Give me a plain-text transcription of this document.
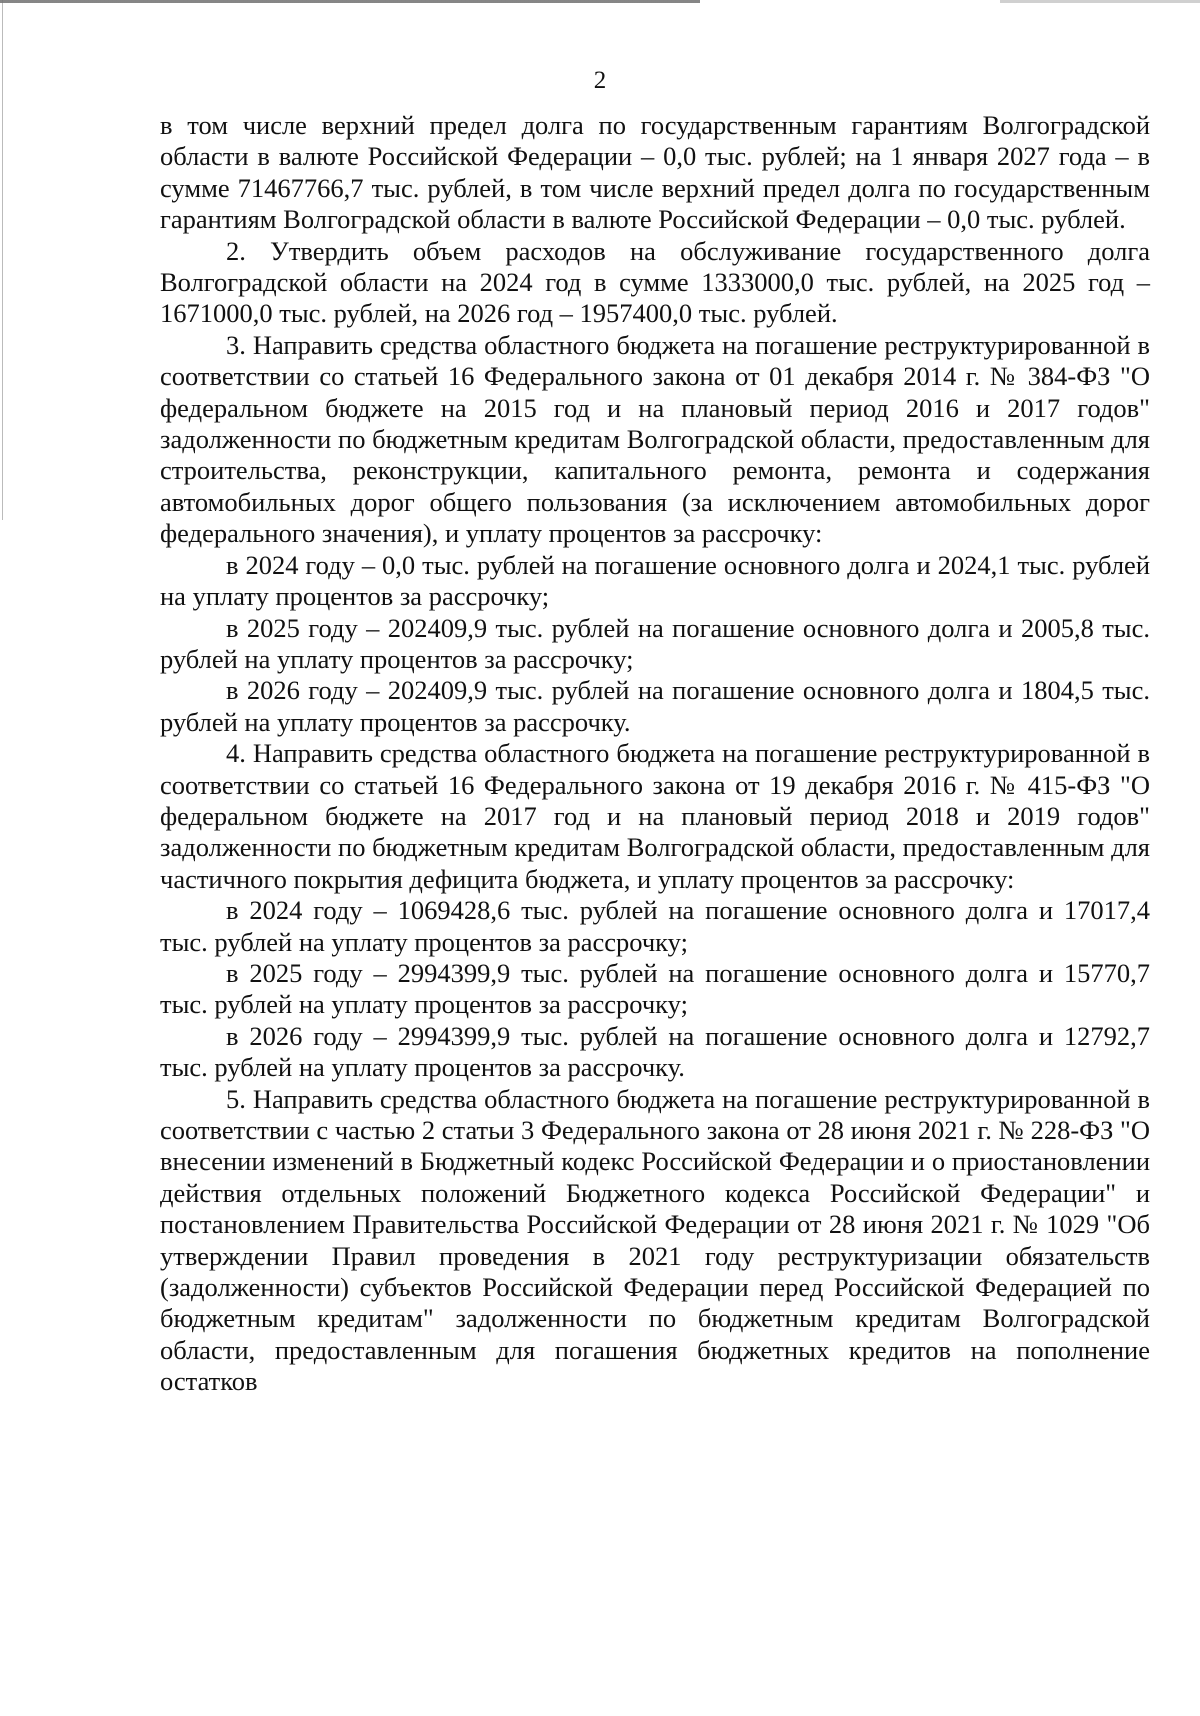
2

в том числе верхний предел долга по государственным гарантиям Волгоградской области в валюте Российской Федерации – 0,0 тыс. рублей; на 1 января 2027 года – в сумме 71467766,7 тыс. рублей, в том числе верхний предел долга по государственным гарантиям Волгоградской области в валюте Российской Федерации – 0,0 тыс. рублей.

2. Утвердить объем расходов на обслуживание государственного долга Волгоградской области на 2024 год в сумме 1333000,0 тыс. рублей, на 2025 год – 1671000,0 тыс. рублей, на 2026 год – 1957400,0 тыс. рублей.

3. Направить средства областного бюджета на погашение реструктурированной в соответствии со статьей 16 Федерального закона от 01 декабря 2014 г. № 384-ФЗ "О федеральном бюджете на 2015 год и на плановый период 2016 и 2017 годов" задолженности по бюджетным кредитам Волгоградской области, предоставленным для строительства, реконструкции, капитального ремонта, ремонта и содержания автомобильных дорог общего пользования (за исключением автомобильных дорог федерального значения), и уплату процентов за рассрочку:

в 2024 году – 0,0 тыс. рублей на погашение основного долга и 2024,1 тыс. рублей на уплату процентов за рассрочку;

в 2025 году – 202409,9 тыс. рублей на погашение основного долга и 2005,8 тыс. рублей на уплату процентов за рассрочку;

в 2026 году – 202409,9 тыс. рублей на погашение основного долга и 1804,5 тыс. рублей на уплату процентов за рассрочку.

4. Направить средства областного бюджета на погашение реструктурированной в соответствии со статьей 16 Федерального закона от 19 декабря 2016 г. № 415-ФЗ "О федеральном бюджете на 2017 год и на плановый период 2018 и 2019 годов" задолженности по бюджетным кредитам Волгоградской области, предоставленным для частичного покрытия дефицита бюджета, и уплату процентов за рассрочку:

в 2024 году – 1069428,6 тыс. рублей на погашение основного долга и 17017,4 тыс. рублей на уплату процентов за рассрочку;

в 2025 году – 2994399,9 тыс. рублей на погашение основного долга и 15770,7 тыс. рублей на уплату процентов за рассрочку;

в 2026 году – 2994399,9 тыс. рублей на погашение основного долга и 12792,7 тыс. рублей на уплату процентов за рассрочку.

5. Направить средства областного бюджета на погашение реструктурированной в соответствии с частью 2 статьи 3 Федерального закона от 28 июня 2021 г. № 228-ФЗ "О внесении изменений в Бюджетный кодекс Российской Федерации и о приостановлении действия отдельных положений Бюджетного кодекса Российской Федерации" и постановлением Правительства Российской Федерации от 28 июня 2021 г. № 1029 "Об утверждении Правил проведения в 2021 году реструктуризации обязательств (задолженности) субъектов Российской Федерации перед Российской Федерацией по бюджетным кредитам" задолженности по бюджетным кредитам Волгоградской области, предоставленным для погашения бюджетных кредитов на пополнение остатков
